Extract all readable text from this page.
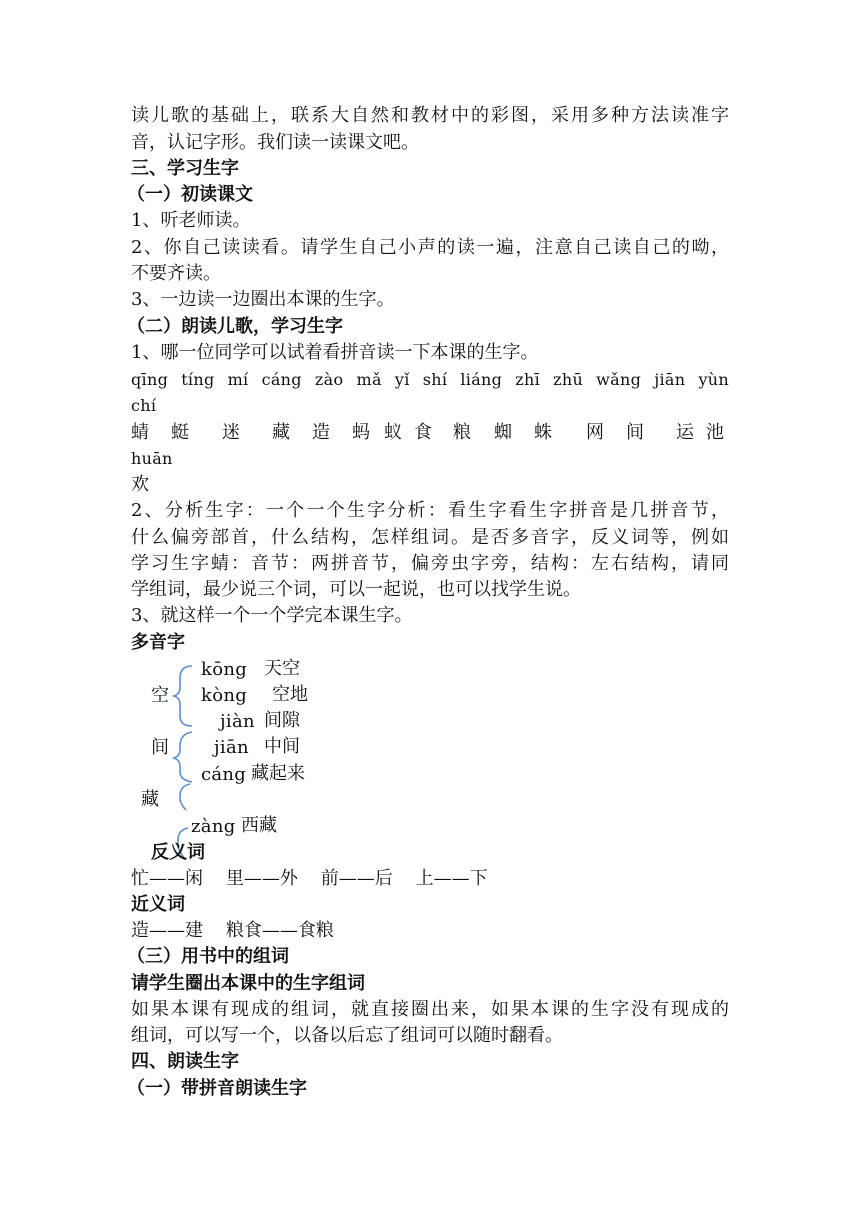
读儿歌的基础上，联系大自然和教材中的彩图，采用多种方法读准字
音，认记字形。我们读一读课文吧。
三、学习生字
（一）初读课文
1、听老师读。
2、你自己读读看。请学生自己小声的读一遍，注意自己读自己的呦，
不要齐读。
3、一边读一边圈出本课的生字。
（二）朗读儿歌，学习生字
1、哪一位同学可以试着看拼音读一下本课的生字。
qīng tíng mí cáng zào mǎ yǐ shí liáng zhī zhū wǎng jiān yùn
chí
蜻 蜓 迷 藏 造 蚂 蚁 食 粮 蜘 蛛 网 间 运 池
huān
欢
2、分析生字：一个一个生字分析：看生字看生字拼音是几拼音节，
什么偏旁部首，什么结构，怎样组词。是否多音字，反义词等，例如
学习生字蜻：音节：两拼音节，偏旁虫字旁，结构：左右结构，请同
学组词，最少说三个词，可以一起说，也可以找学生说。
3、就这样一个一个学完本课生字。
多音字
空
kōng 天空
kòng 空地
间
jiàn 间隙
jiān 中间
藏
cáng 藏起来
zàng 西藏
反义词
忙——闲    里——外    前——后    上——下
近义词
造——建    粮食——食粮
（三）用书中的组词
请学生圈出本课中的生字组词
如果本课有现成的组词，就直接圈出来，如果本课的生字没有现成的
组词，可以写一个，以备以后忘了组词可以随时翻看。
四、朗读生字
（一）带拼音朗读生字
